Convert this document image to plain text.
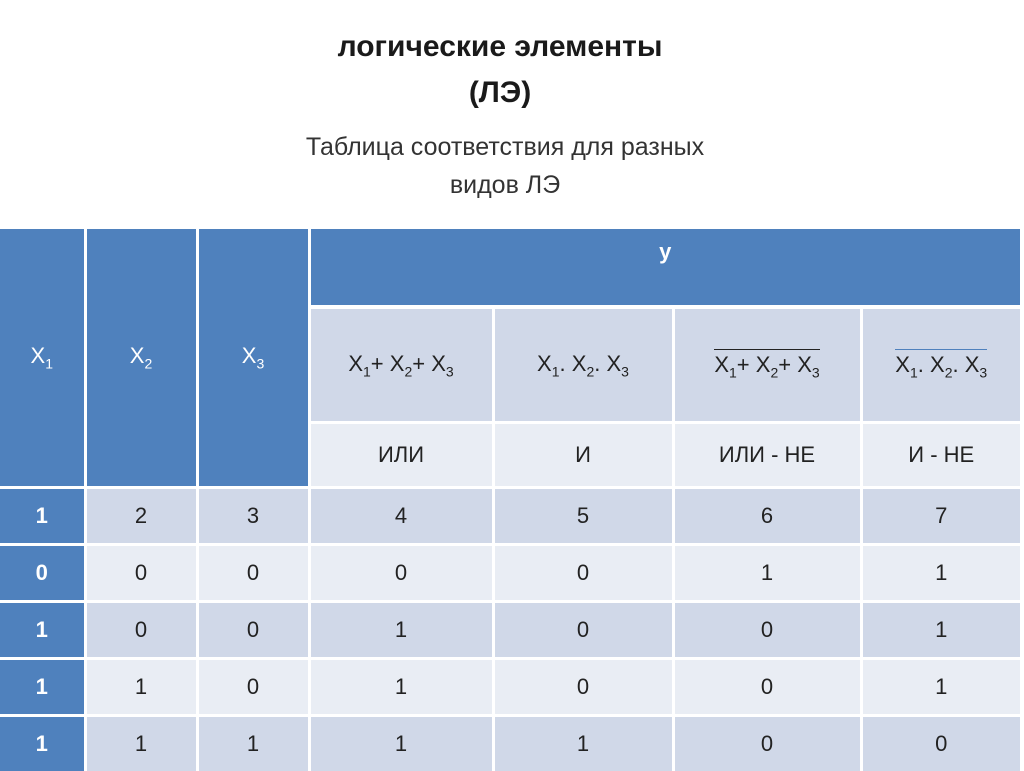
логические элементы
(ЛЭ)
Таблица соответствия для разных
видов ЛЭ
$X_1$	$X_2$	$X_3$	y			
			$X_1+ X_2+ X_3$	$X_1$. $X_2$. $X_3$	$X_1+ X_2+ X_3$	$X_1$. $X_2$. $X_3$
			ИЛИ	И	ИЛИ - НЕ	И - НЕ
1	2	3	4	5	6	7
0	0	0	0	0	1	1
1	0	0	1	0	0	1
1	1	0	1	0	0	1
1	1	1	1	1	0	0
